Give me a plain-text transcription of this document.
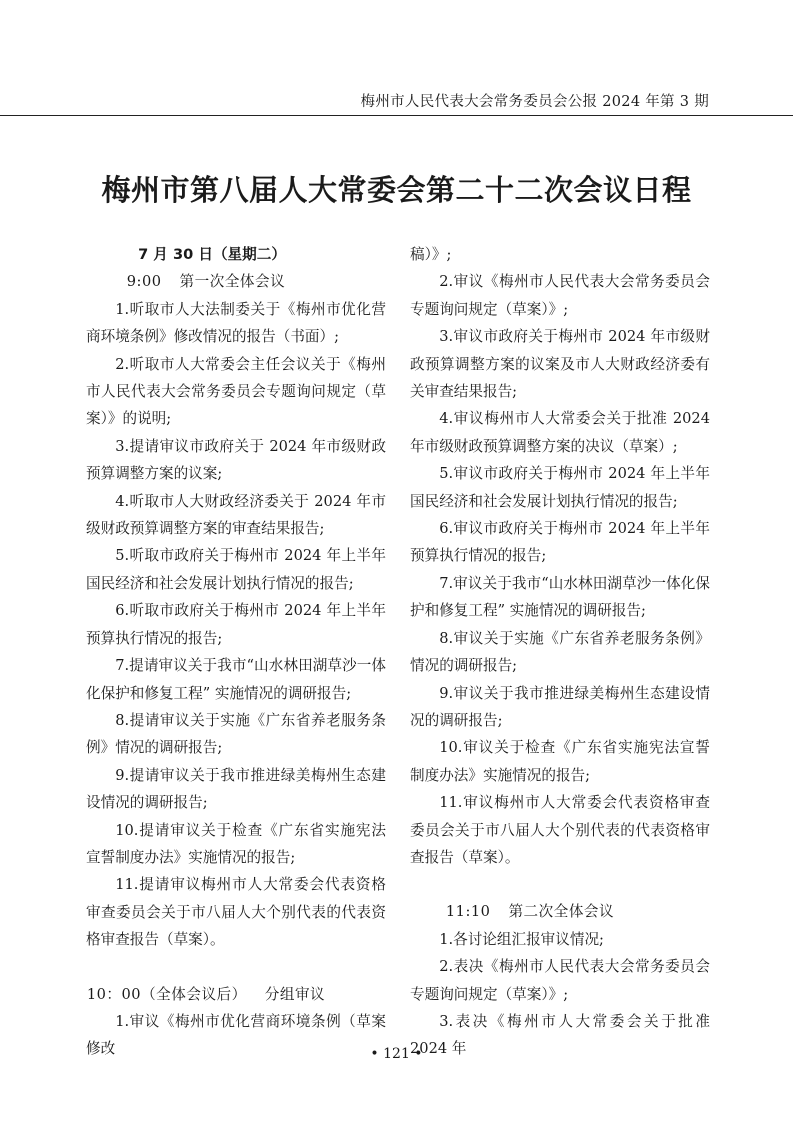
梅州市人民代表大会常务委员会公报 2024 年第 3 期
梅州市第八届人大常委会第二十二次会议日程

7 月 30 日（星期二）

9:00 第一次全体会议

1.听取市人大法制委关于《梅州市优化营商环境条例》修改情况的报告（书面）;

2.听取市人大常委会主任会议关于《梅州市人民代表大会常务委员会专题询问规定（草案）》的说明;

3.提请审议市政府关于 2024 年市级财政预算调整方案的议案;

4.听取市人大财政经济委关于 2024 年市级财政预算调整方案的审查结果报告;

5.听取市政府关于梅州市 2024 年上半年国民经济和社会发展计划执行情况的报告;

6.听取市政府关于梅州市 2024 年上半年预算执行情况的报告;

7.提请审议关于我市“山水林田湖草沙一体化保护和修复工程” 实施情况的调研报告;

8.提请审议关于实施《广东省养老服务条例》情况的调研报告;

9.提请审议关于我市推进绿美梅州生态建设情况的调研报告;

10.提请审议关于检查《广东省实施宪法宣誓制度办法》实施情况的报告;

11.提请审议梅州市人大常委会代表资格审查委员会关于市八届人大个别代表的代表资格审查报告（草案）。

10：00（全体会议后） 分组审议

1.审议《梅州市优化营商环境条例（草案修改

稿）》;

2.审议《梅州市人民代表大会常务委员会专题询问规定（草案）》;

3.审议市政府关于梅州市 2024 年市级财政预算调整方案的议案及市人大财政经济委有关审查结果报告;

4.审议梅州市人大常委会关于批准 2024 年市级财政预算调整方案的决议（草案）;

5.审议市政府关于梅州市 2024 年上半年国民经济和社会发展计划执行情况的报告;

6.审议市政府关于梅州市 2024 年上半年预算执行情况的报告;

7.审议关于我市“山水林田湖草沙一体化保护和修复工程” 实施情况的调研报告;

8.审议关于实施《广东省养老服务条例》情况的调研报告;

9.审议关于我市推进绿美梅州生态建设情况的调研报告;

10.审议关于检查《广东省实施宪法宣誓制度办法》实施情况的报告;

11.审议梅州市人大常委会代表资格审查委员会关于市八届人大个别代表的代表资格审查报告（草案）。

11:10 第二次全体会议

1.各讨论组汇报审议情况;

2.表决《梅州市人民代表大会常务委员会专题询问规定（草案）》;

3.表决《梅州市人大常委会关于批准 2024 年

• 121 •
